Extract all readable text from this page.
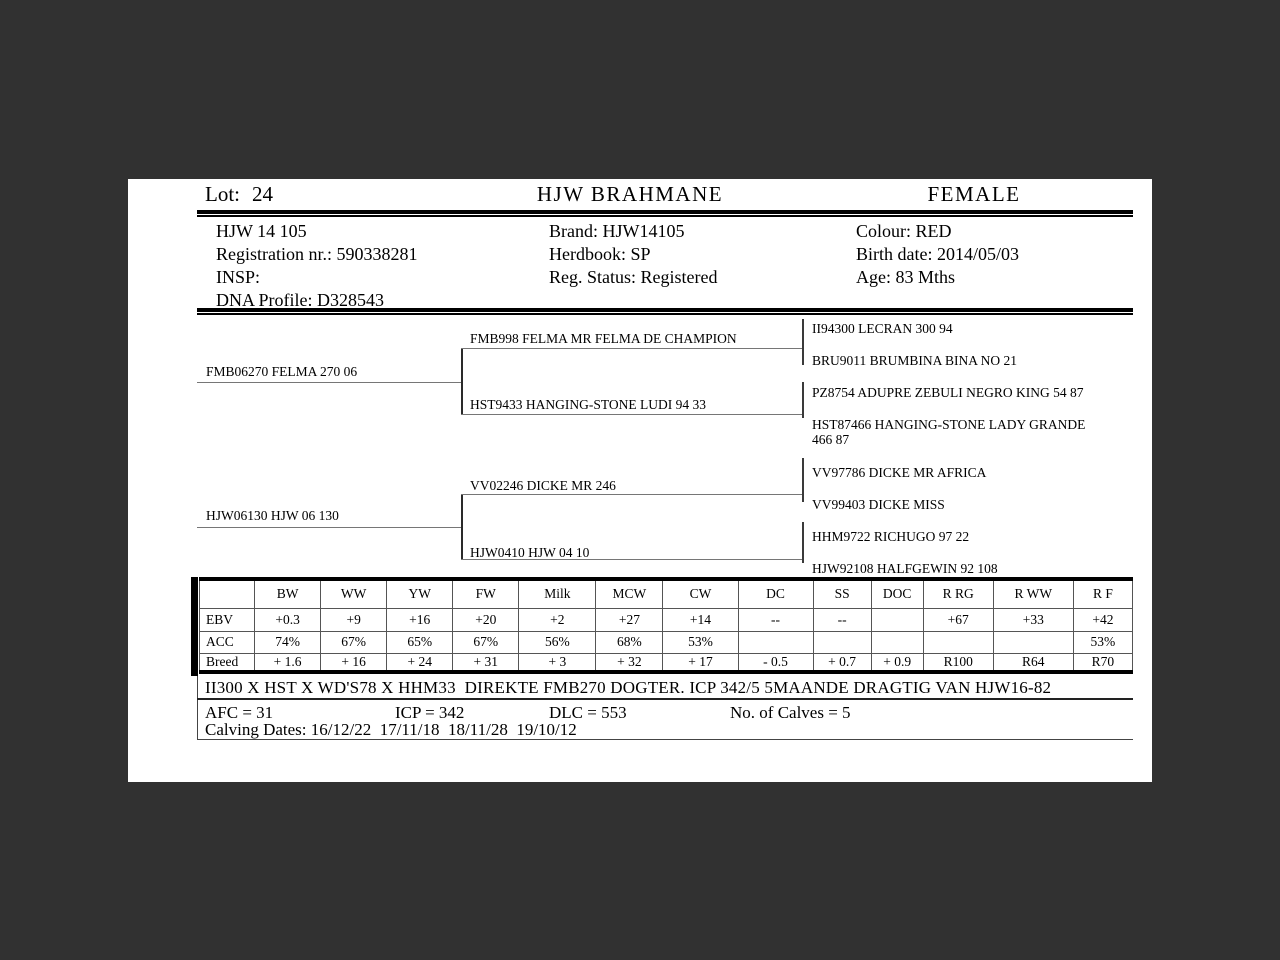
Lot: 24	HJW BRAHMANE	FEMALE
HJW 14 105
Registration nr.: 590338281
INSP:
DNA Profile: D328543
Brand: HJW14105
Herdbook: SP
Reg. Status: Registered
Colour: RED
Birth date: 2014/05/03
Age: 83 Mths
FMB06270 FELMA 270 06
HJW06130 HJW 06 130
FMB998 FELMA MR FELMA DE CHAMPION
HST9433 HANGING-STONE LUDI 94 33
VV02246 DICKE MR 246
HJW0410 HJW 04 10
II94300 LECRAN 300 94
BRU9011 BRUMBINA BINA NO 21
PZ8754 ADUPRE ZEBULI NEGRO KING 54 87
HST87466 HANGING-STONE LADY GRANDE 466 87
VV97786 DICKE MR AFRICA
VV99403 DICKE MISS
HHM9722 RICHUGO 97 22
HJW92108 HALFGEWIN 92 108
	BW	WW	YW	FW	Milk	MCW	CW	DC	SS	DOC	R RG	R WW	R F
EBV	+0.3	+9	+16	+20	+2	+27	+14	--	--		+67	+33	+42
ACC	74%	67%	65%	67%	56%	68%	53%						53%
Breed	+ 1.6	+ 16	+ 24	+ 31	+ 3	+ 32	+ 17	- 0.5	+ 0.7	+ 0.9	R100	R64	R70
II300 X HST X WD'S78 X HHM33  DIREKTE FMB270 DOGTER. ICP 342/5 5MAANDE DRAGTIG VAN HJW16-82
AFC = 31	ICP = 342	DLC = 553	No. of Calves = 5
Calving Dates: 16/12/22  17/11/18  18/11/28  19/10/12
